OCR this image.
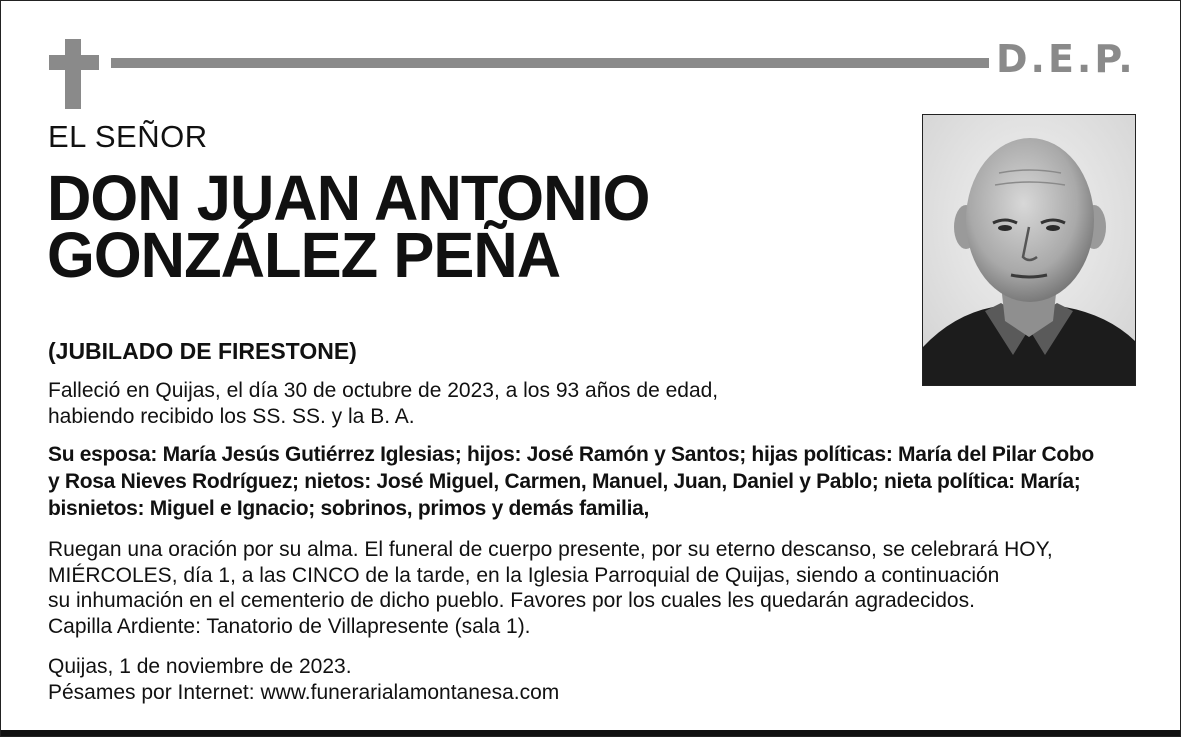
D.E.P.
EL SEÑOR
DON JUAN ANTONIO
GONZÁLEZ PEÑA
(JUBILADO DE FIRESTONE)
Falleció en Quijas, el día 30 de octubre de 2023, a los 93 años de edad,
habiendo recibido los SS. SS. y la B. A.
Su esposa: María Jesús Gutiérrez Iglesias; hijos: José Ramón y Santos; hijas políticas: María del Pilar Cobo
y Rosa Nieves Rodríguez; nietos: José Miguel, Carmen, Manuel, Juan, Daniel y Pablo; nieta política: María;
bisnietos: Miguel e Ignacio; sobrinos, primos y demás familia,
Ruegan una oración por su alma. El funeral de cuerpo presente, por su eterno descanso, se celebrará HOY,
MIÉRCOLES, día 1, a las CINCO de la tarde, en la Iglesia Parroquial de Quijas, siendo a continuación
su inhumación en el cementerio de dicho pueblo. Favores por los cuales les quedarán agradecidos.
Capilla Ardiente: Tanatorio de Villapresente (sala 1).
Quijas, 1 de noviembre de 2023.
Pésames por Internet: www.funerarialamontanesa.com
